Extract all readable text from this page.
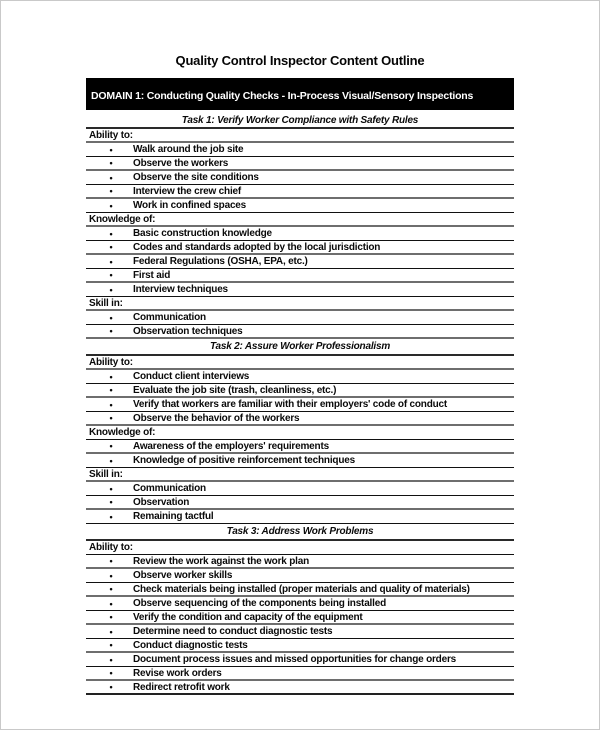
Quality Control Inspector Content Outline
DOMAIN 1: Conducting Quality Checks - In-Process Visual/Sensory Inspections
Task 1: Verify Worker Compliance with Safety Rules
Ability to:
•	Walk around the job site
•	Observe the workers
•	Observe the site conditions
•	Interview the crew chief
•	Work in confined spaces
Knowledge of:
•	Basic construction knowledge
•	Codes and standards adopted by the local jurisdiction
•	Federal Regulations (OSHA, EPA, etc.)
•	First aid
•	Interview techniques
Skill in:
•	Communication
•	Observation techniques
Task 2: Assure Worker Professionalism
Ability to:
•	Conduct client interviews
•	Evaluate the job site (trash, cleanliness, etc.)
•	Verify that workers are familiar with their employers' code of conduct
•	Observe the behavior of the workers
Knowledge of:
•	Awareness of the employers' requirements
•	Knowledge of positive reinforcement techniques
Skill in:
•	Communication
•	Observation
•	Remaining tactful
Task 3: Address Work Problems
Ability to:
•	Review the work against the work plan
•	Observe worker skills
•	Check materials being installed (proper materials and quality of materials)
•	Observe sequencing of the components being installed
•	Verify the condition and capacity of the equipment
•	Determine need to conduct diagnostic tests
•	Conduct diagnostic tests
•	Document process issues and missed opportunities for change orders
•	Revise work orders
•	Redirect retrofit work
